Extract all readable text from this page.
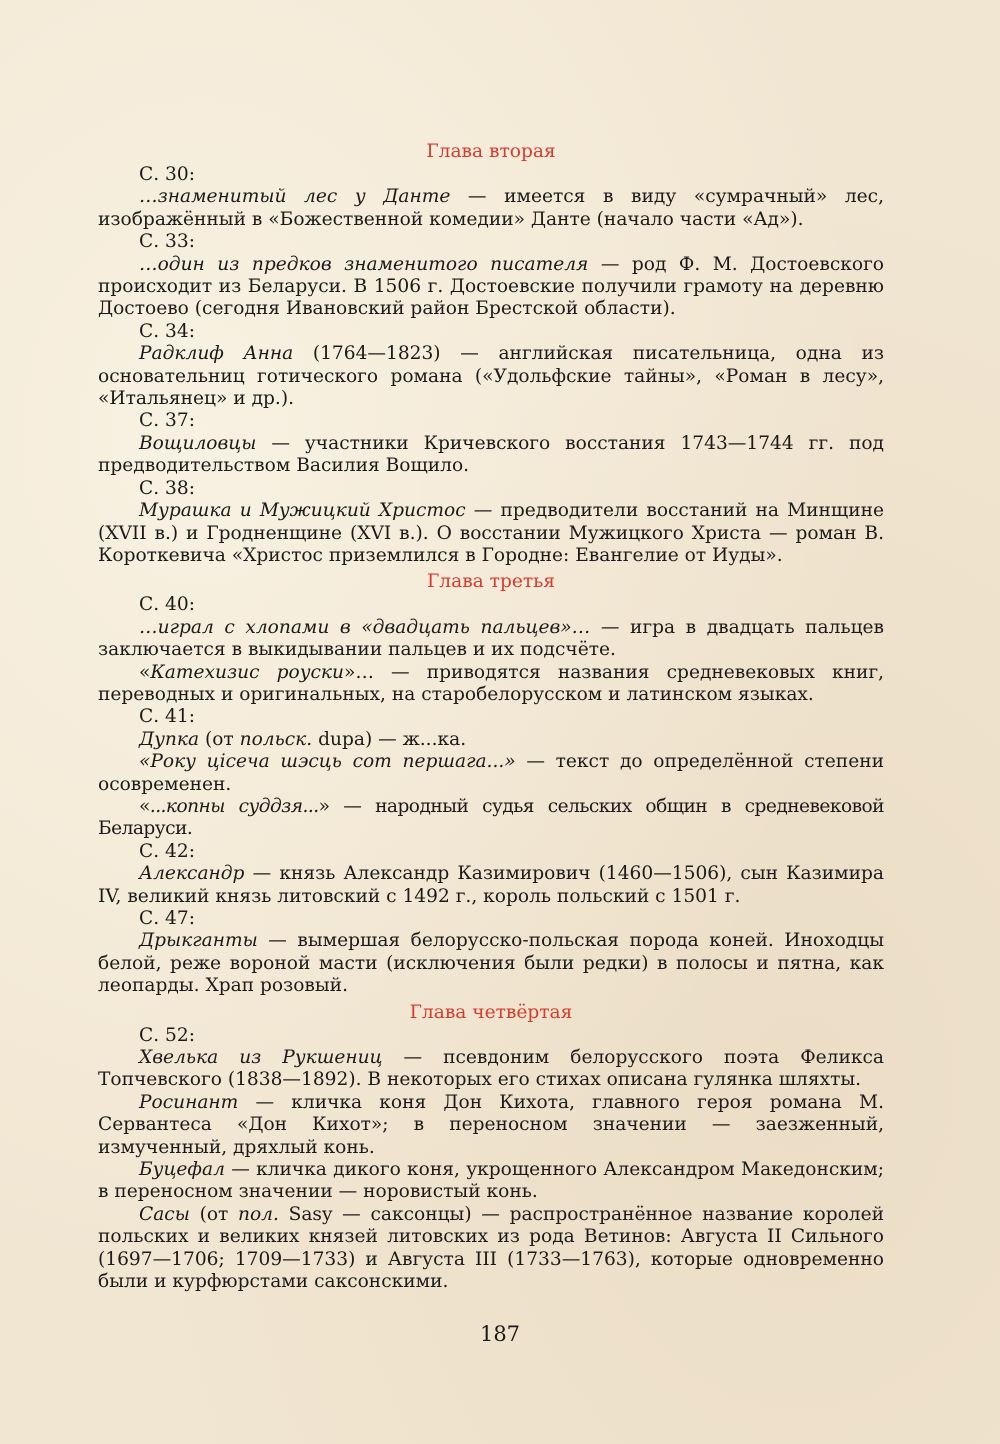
Глава вторая

С. 30:

…знаменитый лес у Данте — имеется в виду «сумрачный» лес, изображённый в «Божественной комедии» Данте (начало части «Ад»).

С. 33:

…один из предков знаменитого писателя — род Ф. М. Достоевского происходит из Беларуси. В 1506 г. Достоевские получили грамоту на деревню Достоево (сегодня Ивановский район Брестской области).

С. 34:

Радклиф Анна (1764—1823) — английская писательница, одна из основательниц готического романа («Удольфские тайны», «Роман в лесу», «Итальянец» и др.).

С. 37:

Вощиловцы — участники Кричевского восстания 1743—1744 гг. под предводительством Василия Вощило.

С. 38:

Мурашка и Мужицкий Христос — предводители восстаний на Минщине (XVII в.) и Гродненщине (XVI в.). О восстании Мужицкого Христа — роман В. Короткевича «Христос приземлился в Городне: Евангелие от Иуды».

Глава третья

С. 40:

…играл с хлопами в «двадцать пальцев»… — игра в двадцать пальцев заключается в выкидывании пальцев и их подсчёте.

«Катехизис роуски»… — приводятся названия средневековых книг, переводных и оригинальных, на старобелорусском и латинском языках.

С. 41:

Дупка (от польск. dupa) — ж...ка.

«Року цісеча шэсць сот першага...» — текст до определённой степени осовременен.

«...копны суддзя...» — народный судья сельских общин в средневековой Беларуси.

С. 42:

Александр — князь Александр Казимирович (1460—1506), сын Казимира IV, великий князь литовский с 1492 г., король польский с 1501 г.

С. 47:

Дрыкганты — вымершая белорусско-польская порода коней. Иноходцы белой, реже вороной масти (исключения были редки) в полосы и пятна, как леопарды. Храп розовый.

Глава четвёртая

С. 52:

Хвелька из Рукшениц — псевдоним белорусского поэта Феликса Топчевского (1838—1892). В некоторых его стихах описана гулянка шляхты.

Росинант — кличка коня Дон Кихота, главного героя романа М. Сервантеса «Дон Кихот»; в переносном значении — заезженный, измученный, дряхлый конь.

Буцефал — кличка дикого коня, укрощенного Александром Македонским; в переносном значении — норовистый конь.

Сасы (от пол. Sasy — саксонцы) — распространённое название королей польских и великих князей литовских из рода Ветинов: Августа II Сильного (1697—1706; 1709—1733) и Августа III (1733—1763), которые одновременно были и курфюрстами саксонскими.

187
